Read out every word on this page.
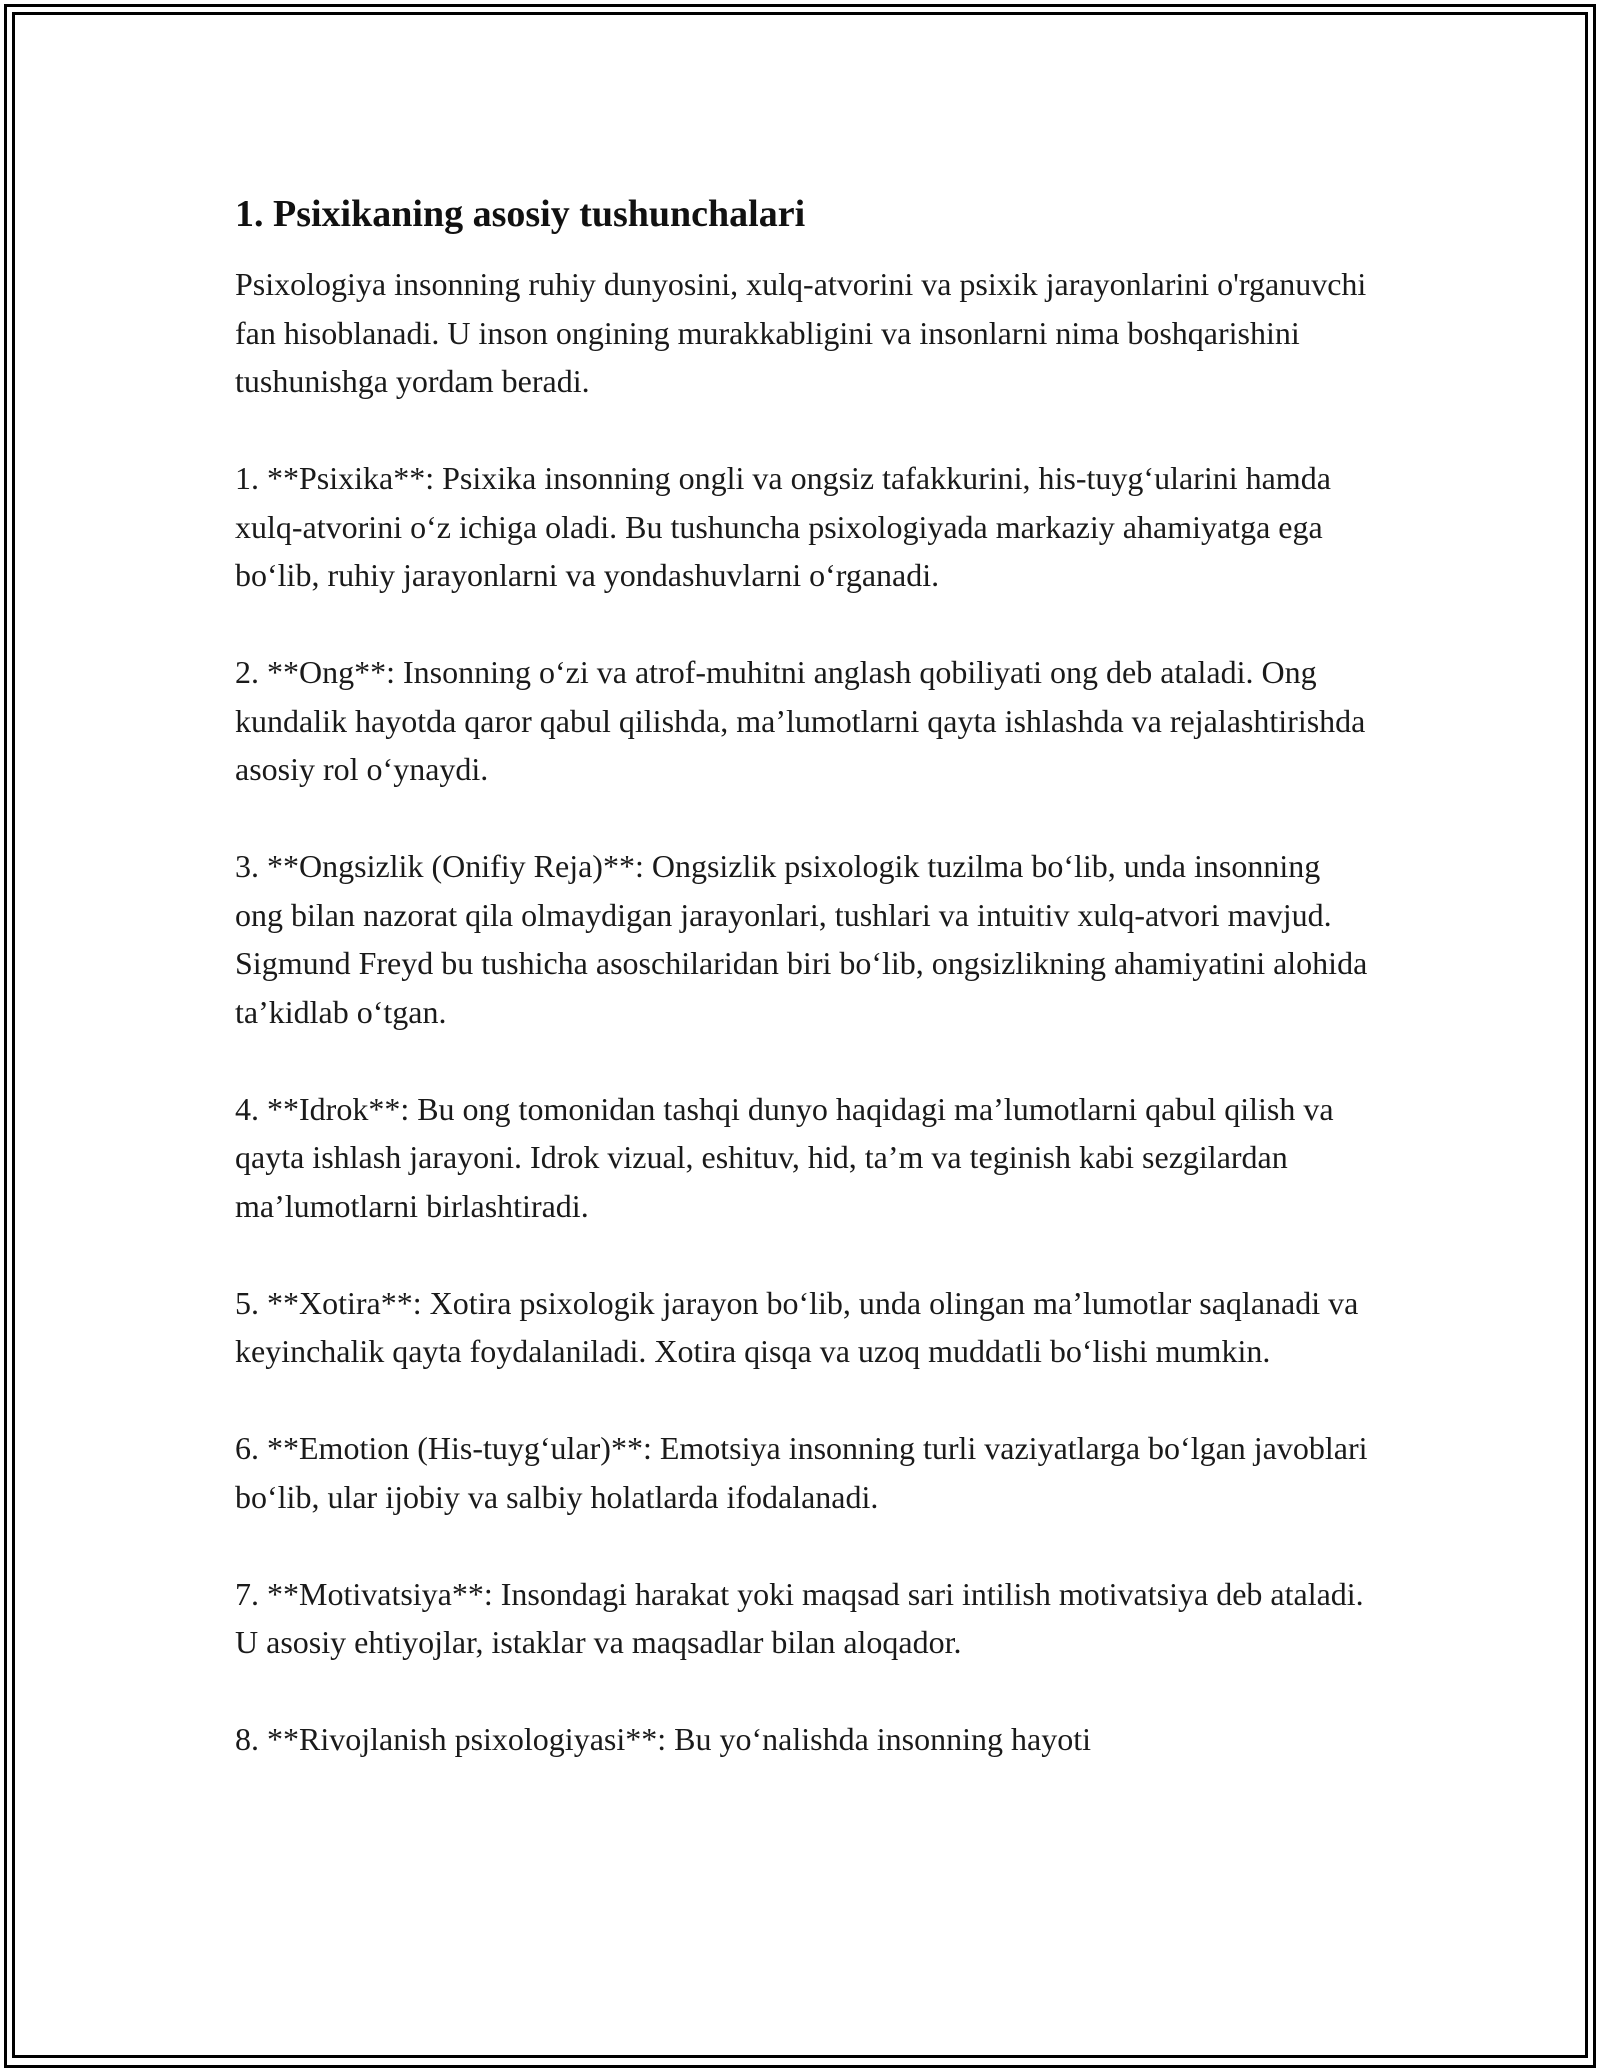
1. Psixikaning asosiy tushunchalari

Psixologiya insonning ruhiy dunyosini, xulq-atvorini va psixik jarayonlarini o'rganuvchi fan hisoblanadi. U inson ongining murakkabligini va insonlarni nima boshqarishini tushunishga yordam beradi.

1. **Psixika**: Psixika insonning ongli va ongsiz tafakkurini, his-tuyg‘ularini hamda xulq-atvorini o‘z ichiga oladi. Bu tushuncha psixologiyada markaziy ahamiyatga ega bo‘lib, ruhiy jarayonlarni va yondashuvlarni o‘rganadi.

2. **Ong**: Insonning o‘zi va atrof-muhitni anglash qobiliyati ong deb ataladi. Ong kundalik hayotda qaror qabul qilishda, ma’lumotlarni qayta ishlashda va rejalashtirishda asosiy rol o‘ynaydi.

3. **Ongsizlik (Onifiy Reja)**: Ongsizlik psixologik tuzilma bo‘lib, unda insonning ong bilan nazorat qila olmaydigan jarayonlari, tushlari va intuitiv xulq-atvori mavjud. Sigmund Freyd bu tushicha asoschilaridan biri bo‘lib, ongsizlikning ahamiyatini alohida ta’kidlab o‘tgan.

4. **Idrok**: Bu ong tomonidan tashqi dunyo haqidagi ma’lumotlarni qabul qilish va qayta ishlash jarayoni. Idrok vizual, eshituv, hid, ta’m va teginish kabi sezgilardan ma’lumotlarni birlashtiradi.

5. **Xotira**: Xotira psixologik jarayon bo‘lib, unda olingan ma’lumotlar saqlanadi va keyinchalik qayta foydalaniladi. Xotira qisqa va uzoq muddatli bo‘lishi mumkin.

6. **Emotion (His-tuyg‘ular)**: Emotsiya insonning turli vaziyatlarga bo‘lgan javoblari bo‘lib, ular ijobiy va salbiy holatlarda ifodalanadi.

7. **Motivatsiya**: Insondagi harakat yoki maqsad sari intilish motivatsiya deb ataladi. U asosiy ehtiyojlar, istaklar va maqsadlar bilan aloqador.

8. **Rivojlanish psixologiyasi**: Bu yo‘nalishda insonning hayoti
